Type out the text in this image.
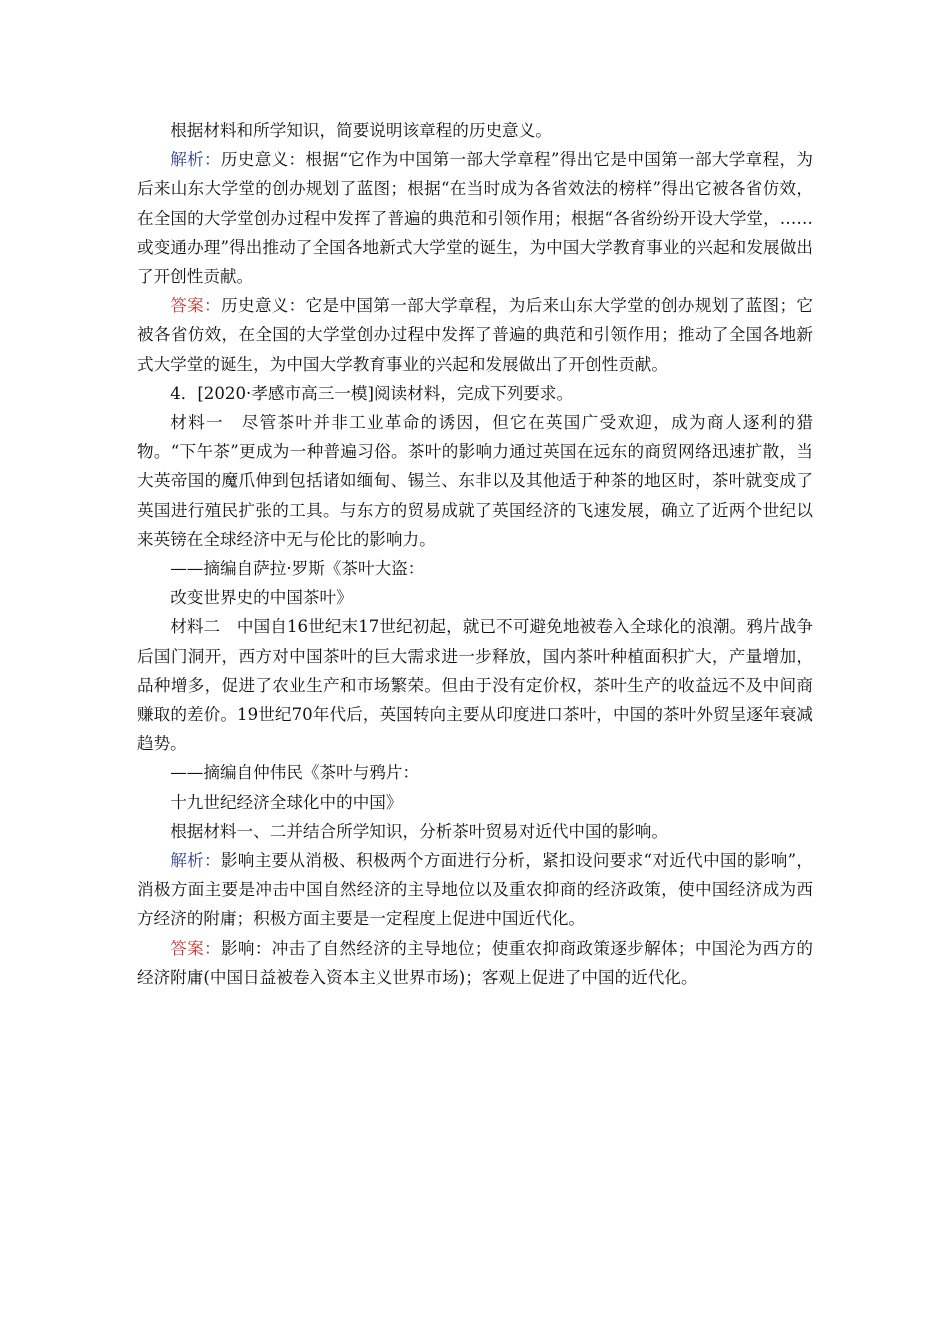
根据材料和所学知识，简要说明该章程的历史意义。

解析：历史意义：根据“它作为中国第一部大学章程”得出它是中国第一部大学章程，为后来山东大学堂的创办规划了蓝图；根据“在当时成为各省效法的榜样”得出它被各省仿效，在全国的大学堂创办过程中发挥了普遍的典范和引领作用；根据“各省纷纷开设大学堂，……或变通办理”得出推动了全国各地新式大学堂的诞生，为中国大学教育事业的兴起和发展做出了开创性贡献。

答案：历史意义：它是中国第一部大学章程，为后来山东大学堂的创办规划了蓝图；它被各省仿效，在全国的大学堂创办过程中发挥了普遍的典范和引领作用；推动了全国各地新式大学堂的诞生，为中国大学教育事业的兴起和发展做出了开创性贡献。

4．[2020·孝感市高三一模]阅读材料，完成下列要求。

材料一　尽管茶叶并非工业革命的诱因，但它在英国广受欢迎，成为商人逐利的猎物。“下午茶”更成为一种普遍习俗。茶叶的影响力通过英国在远东的商贸网络迅速扩散，当大英帝国的魔爪伸到包括诸如缅甸、锡兰、东非以及其他适于种茶的地区时，茶叶就变成了英国进行殖民扩张的工具。与东方的贸易成就了英国经济的飞速发展，确立了近两个世纪以来英镑在全球经济中无与伦比的影响力。

——摘编自萨拉·罗斯《茶叶大盗：

改变世界史的中国茶叶》

材料二　中国自16世纪末17世纪初起，就已不可避免地被卷入全球化的浪潮。鸦片战争后国门洞开，西方对中国茶叶的巨大需求进一步释放，国内茶叶种植面积扩大，产量增加，品种增多，促进了农业生产和市场繁荣。但由于没有定价权，茶叶生产的收益远不及中间商赚取的差价。19世纪70年代后，英国转向主要从印度进口茶叶，中国的茶叶外贸呈逐年衰减趋势。

——摘编自仲伟民《茶叶与鸦片：

十九世纪经济全球化中的中国》

根据材料一、二并结合所学知识，分析茶叶贸易对近代中国的影响。

解析：影响主要从消极、积极两个方面进行分析，紧扣设问要求“对近代中国的影响”，消极方面主要是冲击中国自然经济的主导地位以及重农抑商的经济政策，使中国经济成为西方经济的附庸；积极方面主要是一定程度上促进中国近代化。

答案：影响：冲击了自然经济的主导地位；使重农抑商政策逐步解体；中国沦为西方的经济附庸(中国日益被卷入资本主义世界市场)；客观上促进了中国的近代化。
